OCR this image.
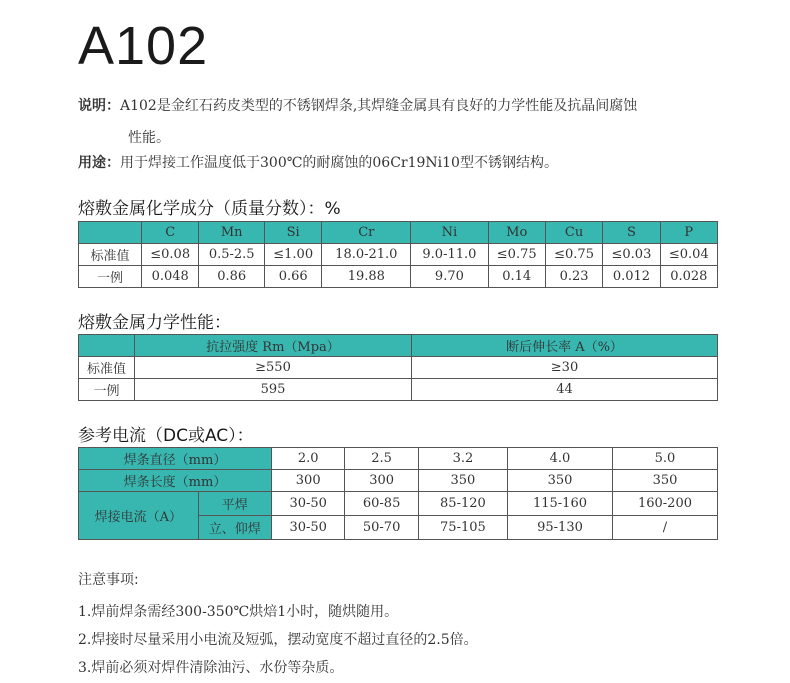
A102
说明：A102是金红石药皮类型的不锈钢焊条,其焊缝金属具有良好的力学性能及抗晶间腐蚀
性能。
用途：用于焊接工作温度低于300℃的耐腐蚀的06Cr19Ni10型不锈钢结构。
熔敷金属化学成分（质量分数）：%
	C	Mn	Si	Cr	Ni	Mo	Cu	S	P
标准值	≤0.08	0.5-2.5	≤1.00	18.0-21.0	9.0-11.0	≤0.75	≤0.75	≤0.03	≤0.04
一例	0.048	0.86	0.66	19.88	9.70	0.14	0.23	0.012	0.028
熔敷金属力学性能：
	抗拉强度 Rm（Mpa）	断后伸长率 A（%）
标准值	≥550	≥30
一例	595	44
参考电流（DC或AC）：
焊条直径（mm）		2.0	2.5	3.2	4.0	5.0
焊条长度（mm）		300	300	350	350	350
焊接电流（A）	平焊	30-50	60-85	85-120	115-160	160-200
	立、仰焊	30-50	50-70	75-105	95-130	/
注意事项:
1.焊前焊条需经300-350℃烘焙1小时，随烘随用。
2.焊接时尽量采用小电流及短弧，摆动宽度不超过直径的2.5倍。
3.焊前必须对焊件清除油污、水份等杂质。
